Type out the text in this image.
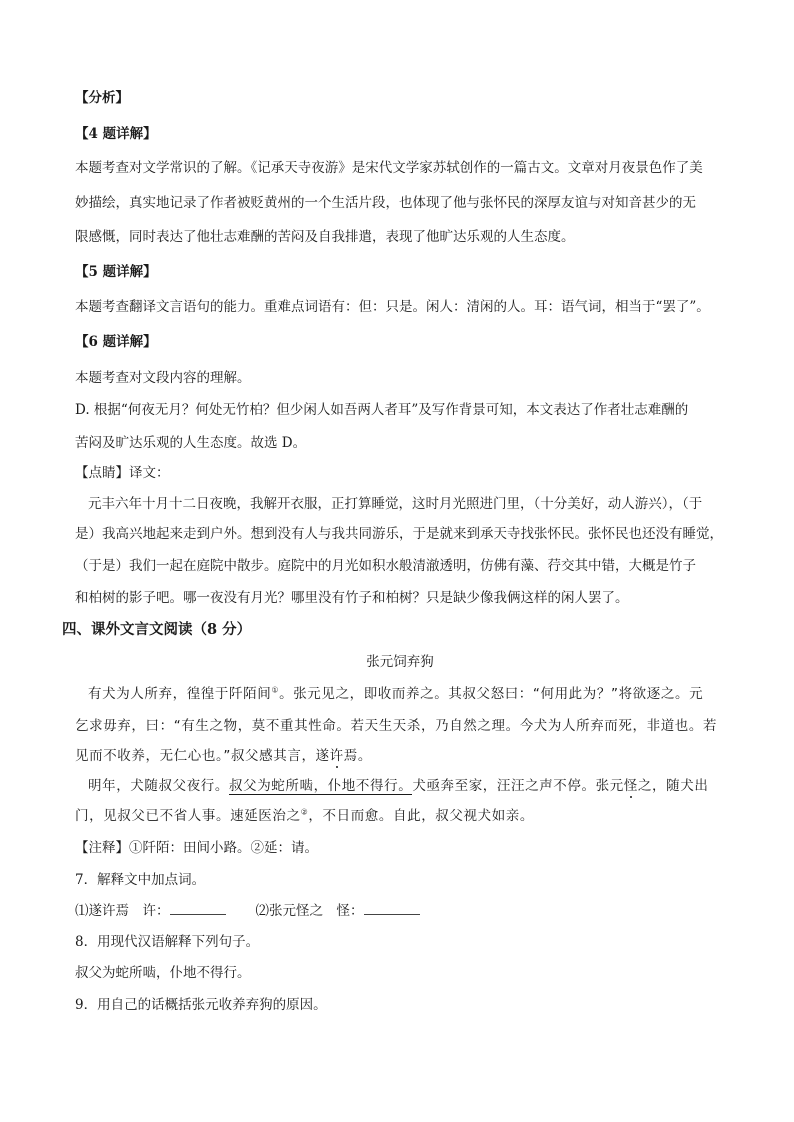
【分析】
【4 题详解】
本题考查对文学常识的了解。《记承天寺夜游》是宋代文学家苏轼创作的一篇古文。文章对月夜景色作了美
妙描绘，真实地记录了作者被贬黄州的一个生活片段，也体现了他与张怀民的深厚友谊与对知音甚少的无
限感慨，同时表达了他壮志难酬的苦闷及自我排遣，表现了他旷达乐观的人生态度。
【5 题详解】
本题考查翻译文言语句的能力。重难点词语有：但：只是。闲人：清闲的人。耳：语气词，相当于“罢了”。
【6 题详解】
本题考查对文段内容的理解。
D. 根据“何夜无月？何处无竹柏？但少闲人如吾两人者耳”及写作背景可知，本文表达了作者壮志难酬的
苦闷及旷达乐观的人生态度。故选 D。
【点睛】译文：
元丰六年十月十二日夜晚，我解开衣服，正打算睡觉，这时月光照进门里，（十分美好，动人游兴），（于
是）我高兴地起来走到户外。想到没有人与我共同游乐，于是就来到承天寺找张怀民。张怀民也还没有睡觉，
（于是）我们一起在庭院中散步。庭院中的月光如积水般清澈透明，仿佛有藻、荇交其中错，大概是竹子
和柏树的影子吧。哪一夜没有月光？哪里没有竹子和柏树？只是缺少像我俩这样的闲人罢了。
四、课外文言文阅读（8 分）
张元饲弃狗
有犬为人所弃，徨徨于阡陌间①。张元见之，即收而养之。其叔父怒曰：“何用此为？”将欲逐之。元
乞求毋弃，曰：“有生之物，莫不重其性命。若天生天杀，乃自然之理。今犬为人所弃而死，非道也。若
见而不收养，无仁心也。”叔父感其言，遂许焉。
明年，犬随叔父夜行。叔父为蛇所啮，仆地不得行。犬亟奔至家，汪汪之声不停。张元怪之，随犬出
门，见叔父已不省人事。速延医治之②，不日而愈。自此，叔父视犬如亲。
【注释】①阡陌：田间小路。②延：请。
7．解释文中加点词。
⑴遂许焉　许：	⑵张元怪之　怪：
8．用现代汉语解释下列句子。
叔父为蛇所啮，仆地不得行。
9．用自己的话概括张元收养弃狗的原因。
